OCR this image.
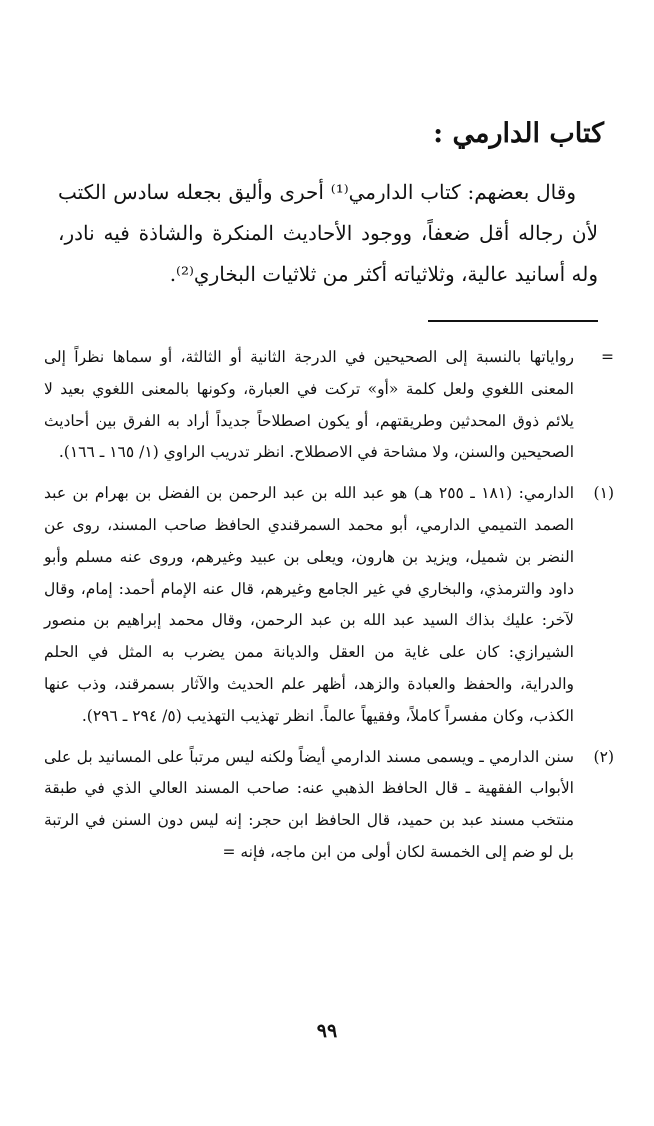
كتاب الدارمي :

وقال بعضهم: كتاب الدارمي⁽¹⁾ أحرى وأليق بجعله سادس الكتب لأن رجاله أقل ضعفاً، ووجود الأحاديث المنكرة والشاذة فيه نادر، وله أسانيد عالية، وثلاثياته أكثر من ثلاثيات البخاري⁽²⁾.

=

رواياتها بالنسبة إلى الصحيحين في الدرجة الثانية أو الثالثة، أو سماها نظراً إلى المعنى اللغوي ولعل كلمة «أو» تركت في العبارة، وكونها بالمعنى اللغوي بعيد لا يلائم ذوق المحدثين وطريقتهم، أو يكون اصطلاحاً جديداً أراد به الفرق بين أحاديث الصحيحين والسنن، ولا مشاحة في الاصطلاح. انظر تدريب الراوي (١/ ١٦٥ ـ ١٦٦).

(١)

الدارمي: (١٨١ ـ ٢٥٥ هـ) هو عبد الله بن عبد الرحمن بن الفضل بن بهرام بن عبد الصمد التميمي الدارمي، أبو محمد السمرقندي الحافظ صاحب المسند، روى عن النضر بن شميل، ويزيد بن هارون، ويعلى بن عبيد وغيرهم، وروى عنه مسلم وأبو داود والترمذي، والبخاري في غير الجامع وغيرهم، قال عنه الإمام أحمد: إمام، وقال لآخر: عليك بذاك السيد عبد الله بن عبد الرحمن، وقال محمد إبراهيم بن منصور الشيرازي: كان على غاية من العقل والديانة ممن يضرب به المثل في الحلم والدراية، والحفظ والعبادة والزهد، أظهر علم الحديث والآثار بسمرقند، وذب عنها الكذب، وكان مفسراً كاملاً، وفقيهاً عالماً. انظر تهذيب التهذيب (٥/ ٢٩٤ ـ ٢٩٦).

(٢)

سنن الدارمي ـ ويسمى مسند الدارمي أيضاً ولكنه ليس مرتباً على المسانيد بل على الأبواب الفقهية ـ قال الحافظ الذهبي عنه: صاحب المسند العالي الذي في طبقة منتخب مسند عبد بن حميد، قال الحافظ ابن حجر: إنه ليس دون السنن في الرتبة بل لو ضم إلى الخمسة لكان أولى من ابن ماجه، فإنه =

٩٩
